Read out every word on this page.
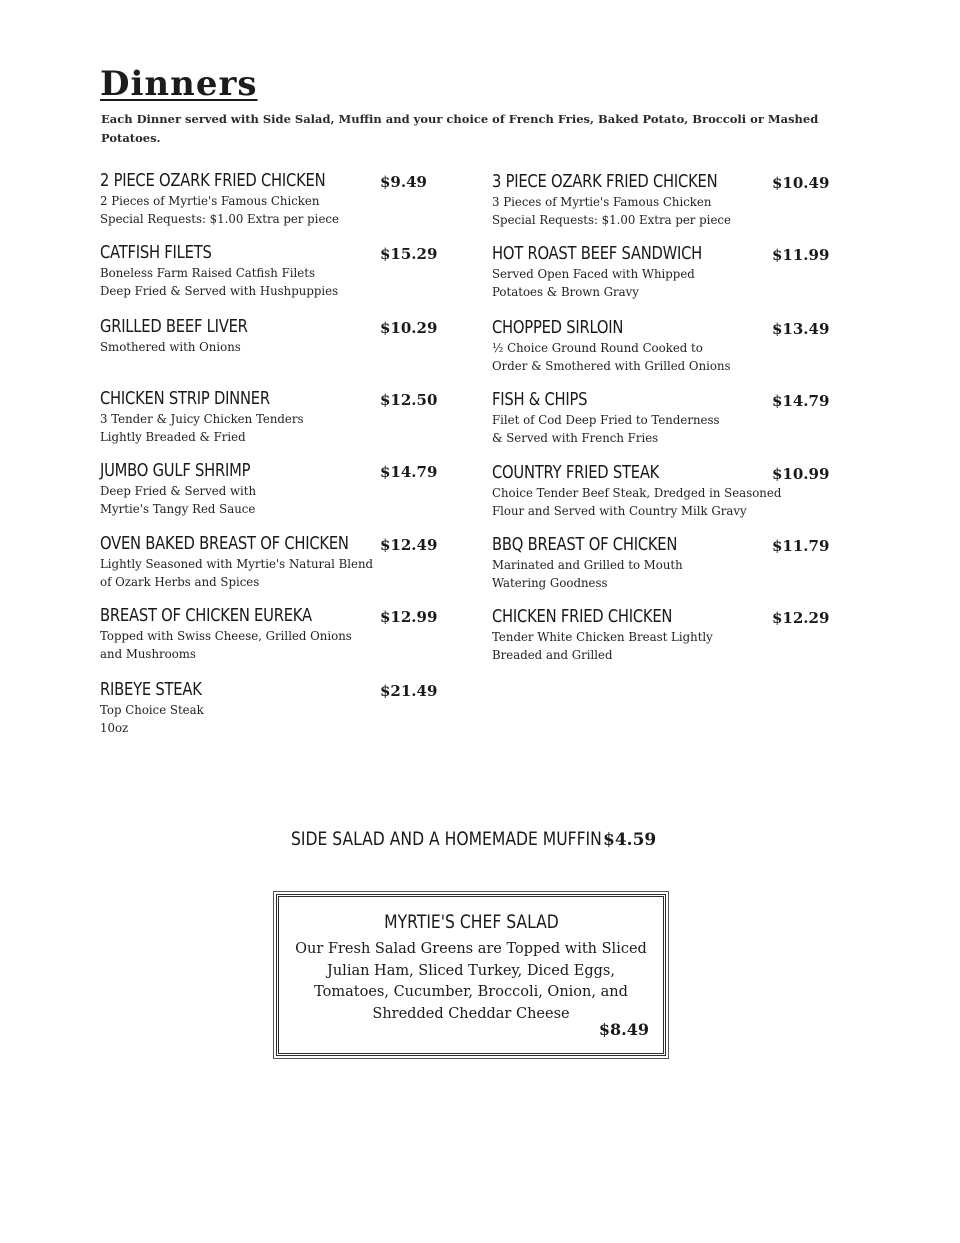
Dinners
Each Dinner served with Side Salad, Muffin and your choice of French Fries, Baked Potato, Broccoli or Mashed Potatoes.
2 PIECE OZARK FRIED CHICKEN
2 Pieces of Myrtie's Famous Chicken
Special Requests: $1.00 Extra per piece
$9.49
CATFISH FILETS
Boneless Farm Raised Catfish Filets
Deep Fried & Served with Hushpuppies
$15.29
GRILLED BEEF LIVER
Smothered with Onions
$10.29
CHICKEN STRIP DINNER
3 Tender & Juicy Chicken Tenders
Lightly Breaded & Fried
$12.50
JUMBO GULF SHRIMP
Deep Fried & Served with
Myrtie's Tangy Red Sauce
$14.79
OVEN BAKED BREAST OF CHICKEN
Lightly Seasoned with Myrtie's Natural Blend
of Ozark Herbs and Spices
$12.49
BREAST OF CHICKEN EUREKA
Topped with Swiss Cheese, Grilled Onions
and Mushrooms
$12.99
RIBEYE STEAK
Top Choice Steak
10oz
$21.49
3 PIECE OZARK FRIED CHICKEN
3 Pieces of Myrtie's Famous Chicken
Special Requests: $1.00 Extra per piece
$10.49
HOT ROAST BEEF SANDWICH
Served Open Faced with Whipped
Potatoes & Brown Gravy
$11.99
CHOPPED SIRLOIN
½ Choice Ground Round Cooked to
Order & Smothered with Grilled Onions
$13.49
FISH & CHIPS
Filet of Cod Deep Fried to Tenderness
& Served with French Fries
$14.79
COUNTRY FRIED STEAK
Choice Tender Beef Steak, Dredged in Seasoned
Flour and Served with Country Milk Gravy
$10.99
BBQ BREAST OF CHICKEN
Marinated and Grilled to Mouth
Watering Goodness
$11.79
CHICKEN FRIED CHICKEN
Tender White Chicken Breast Lightly
Breaded and Grilled
$12.29
SIDE SALAD AND A HOMEMADE MUFFIN $4.59
MYRTIE'S CHEF SALAD
Our Fresh Salad Greens are Topped with Sliced
Julian Ham, Sliced Turkey, Diced Eggs,
Tomatoes, Cucumber, Broccoli, Onion, and
Shredded Cheddar Cheese
$8.49
